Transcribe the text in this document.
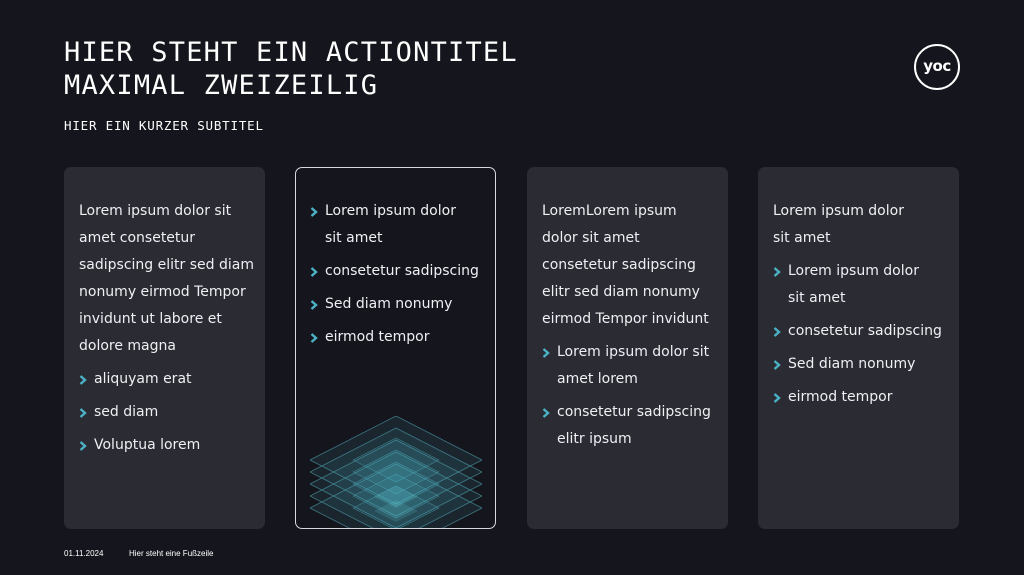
HIER STEHT EIN ACTIONTITEL
MAXIMAL ZWEIZEILIG

HIER EIN KURZER SUBTITEL

yoc

Lorem ipsum dolor sit
amet consetetur
sadipscing elitr sed diam
nonumy eirmod Tempor
invidunt ut labore et
dolore magna

aliquyam erat
sed diam
Voluptua lorem
Lorem ipsum dolor
sit amet
consetetur sadipscing
Sed diam nonumy
eirmod tempor

LoremLorem ipsum
dolor sit amet
consetetur sadipscing
elitr sed diam nonumy
eirmod Tempor invidunt

Lorem ipsum dolor sit
amet lorem
consetetur sadipscing
elitr ipsum

Lorem ipsum dolor
sit amet

Lorem ipsum dolor
sit amet
consetetur sadipscing
Sed diam nonumy
eirmod tempor
01.11.2024	Hier steht eine Fußzeile
